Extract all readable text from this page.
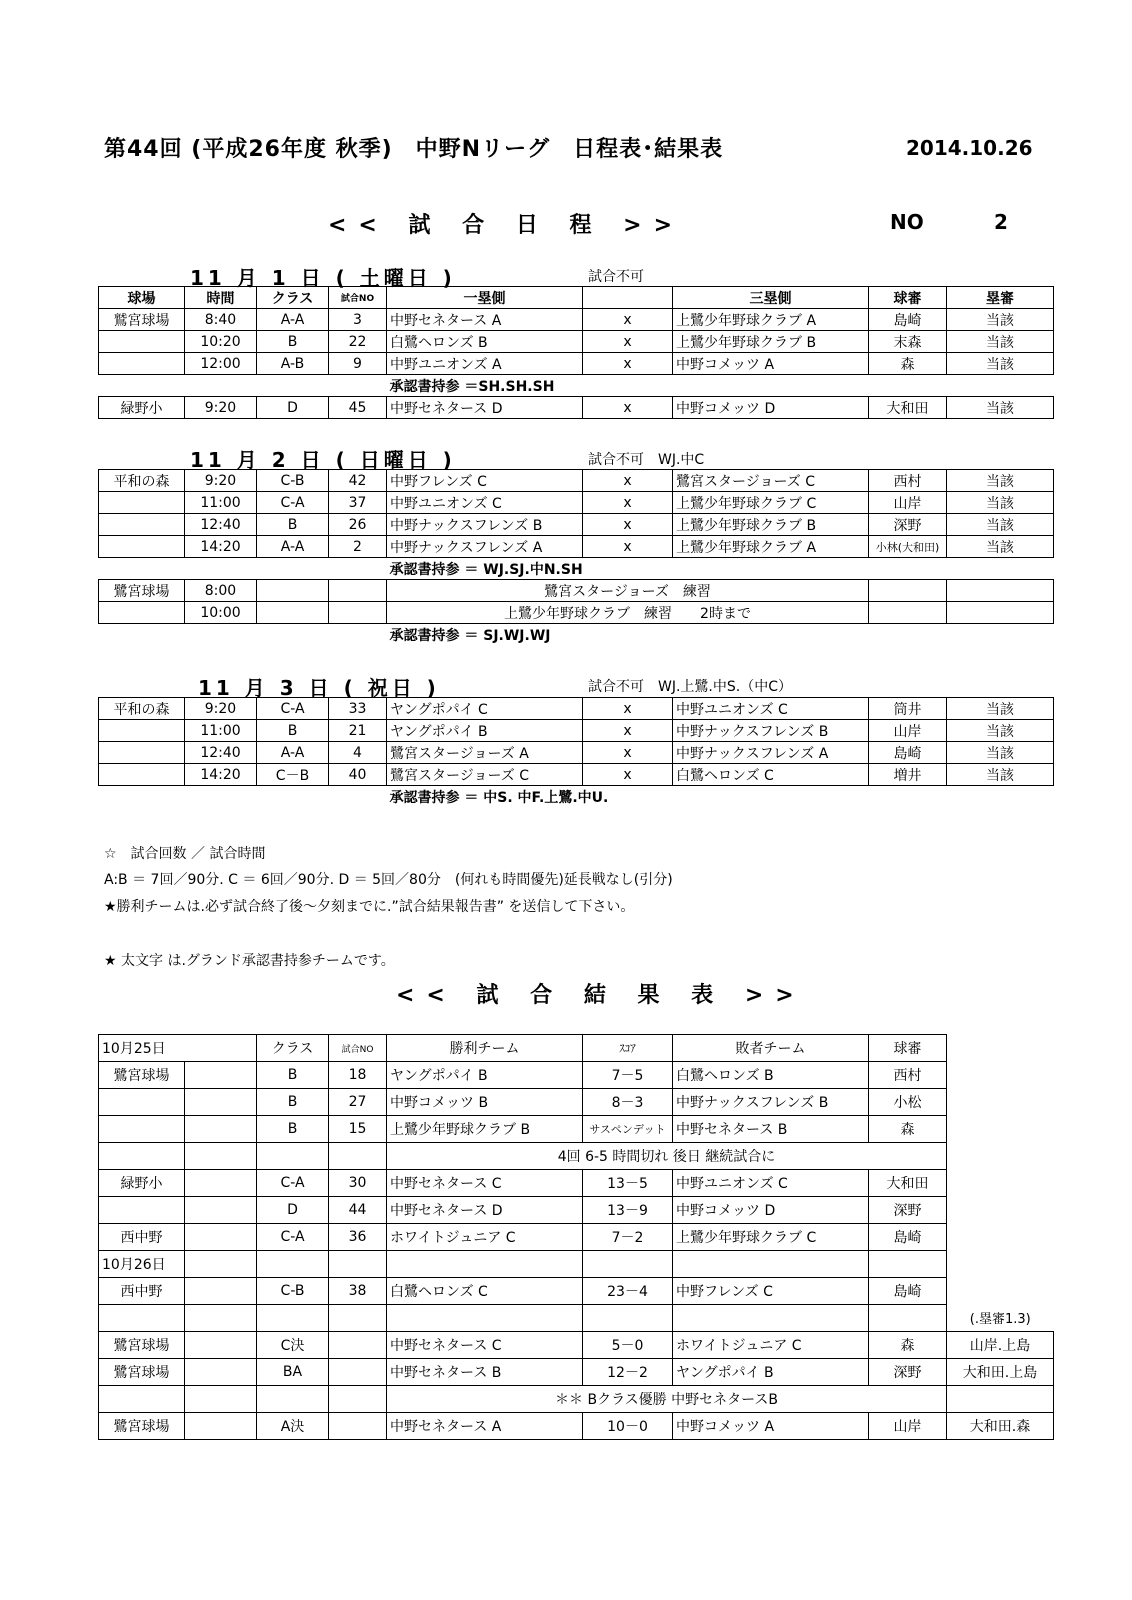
第44回 (平成26年度 秋季)　中野Nリーグ　日程表･結果表	2014.10.26
<< 試 合 日 程 >>	NO	2
11 月 1 日 ( 土曜日 )	試合不可
球場	時間	クラス	試合NO	一塁側		三塁側	球審	塁審
鷲宮球場	8:40	A-A	3	中野セネタース A	x	上鷺少年野球クラブ A	島崎	当該
	10:20	B	22	白鷺ヘロンズ B	x	上鷺少年野球クラブ B	末森	当該
	12:00	A-B	9	中野ユニオンズ A	x	中野コメッツ A	森	当該
				承認書持参 ＝SH.SH.SH				
緑野小	9:20	D	45	中野セネタース D	x	中野コメッツ D	大和田	当該
11 月 2 日 ( 日曜日 )	試合不可　WJ.中C
平和の森	9:20	C-B	42	中野フレンズ C	x	鷺宮スタージョーズ C	西村	当該
	11:00	C-A	37	中野ユニオンズ C	x	上鷺少年野球クラブ C	山岸	当該
	12:40	B	26	中野ナックスフレンズ B	x	上鷺少年野球クラブ B	深野	当該
	14:20	A-A	2	中野ナックスフレンズ A	x	上鷺少年野球クラブ A	小林(大和田)	当該
				承認書持参 ＝ WJ.SJ.中N.SH				
鷺宮球場	8:00			鷺宮スタージョーズ　練習				
	10:00			上鷺少年野球クラブ　練習　　2時まで				
				承認書持参 ＝ SJ.WJ.WJ				
11 月 3 日 ( 祝日 )	試合不可　WJ.上鷺.中S.（中C）
平和の森	9:20	C-A	33	ヤングポパイ C	x	中野ユニオンズ C	筒井	当該
	11:00	B	21	ヤングポパイ B	x	中野ナックスフレンズ B	山岸	当該
	12:40	A-A	4	鷺宮スタージョーズ A	x	中野ナックスフレンズ A	島崎	当該
	14:20	C－B	40	鷺宮スタージョーズ C	x	白鷺ヘロンズ C	増井	当該
				承認書持参 ＝ 中S. 中F.上鷺.中U.				
☆　試合回数 ／ 試合時間
A:B ＝ 7回／90分. C ＝ 6回／90分. D ＝ 5回／80分　(何れも時間優先)延長戦なし(引分)
★勝利チームは.必ず試合終了後～夕刻までに.”試合結果報告書” を送信して下さい。
★ 太文字 は.グランド承認書持参チームです。
<< 試 合 結 果 表 >>
10月25日		クラス	試合NO	勝利チーム	ｽｺｱ	敗者チーム	球審	
鷺宮球場		B	18	ヤングポパイ B	7－5	白鷺ヘロンズ B	西村	
		B	27	中野コメッツ B	8－3	中野ナックスフレンズ B	小松	
		B	15	上鷺少年野球クラブ B	サスペンデット	中野セネタース B	森	
				4回 6-5 時間切れ 後日 継続試合に				
緑野小		C-A	30	中野セネタース C	13－5	中野ユニオンズ C	大和田	
		D	44	中野セネタース D	13－9	中野コメッツ D	深野	
西中野		C-A	36	ホワイトジュニア C	7－2	上鷺少年野球クラブ C	島崎	
10月26日								
西中野		C-B	38	白鷺ヘロンズ C	23－4	中野フレンズ C	島崎	
								(.塁審1.3)
鷺宮球場		C決		中野セネタース C	5－0	ホワイトジュニア C	森	山岸.上島
鷺宮球場		BA		中野セネタース B	12－2	ヤングポパイ B	深野	大和田.上島
				＊＊ Bクラス優勝 中野セネタースB				
鷺宮球場		A決		中野セネタース A	10－0	中野コメッツ A	山岸	大和田.森
